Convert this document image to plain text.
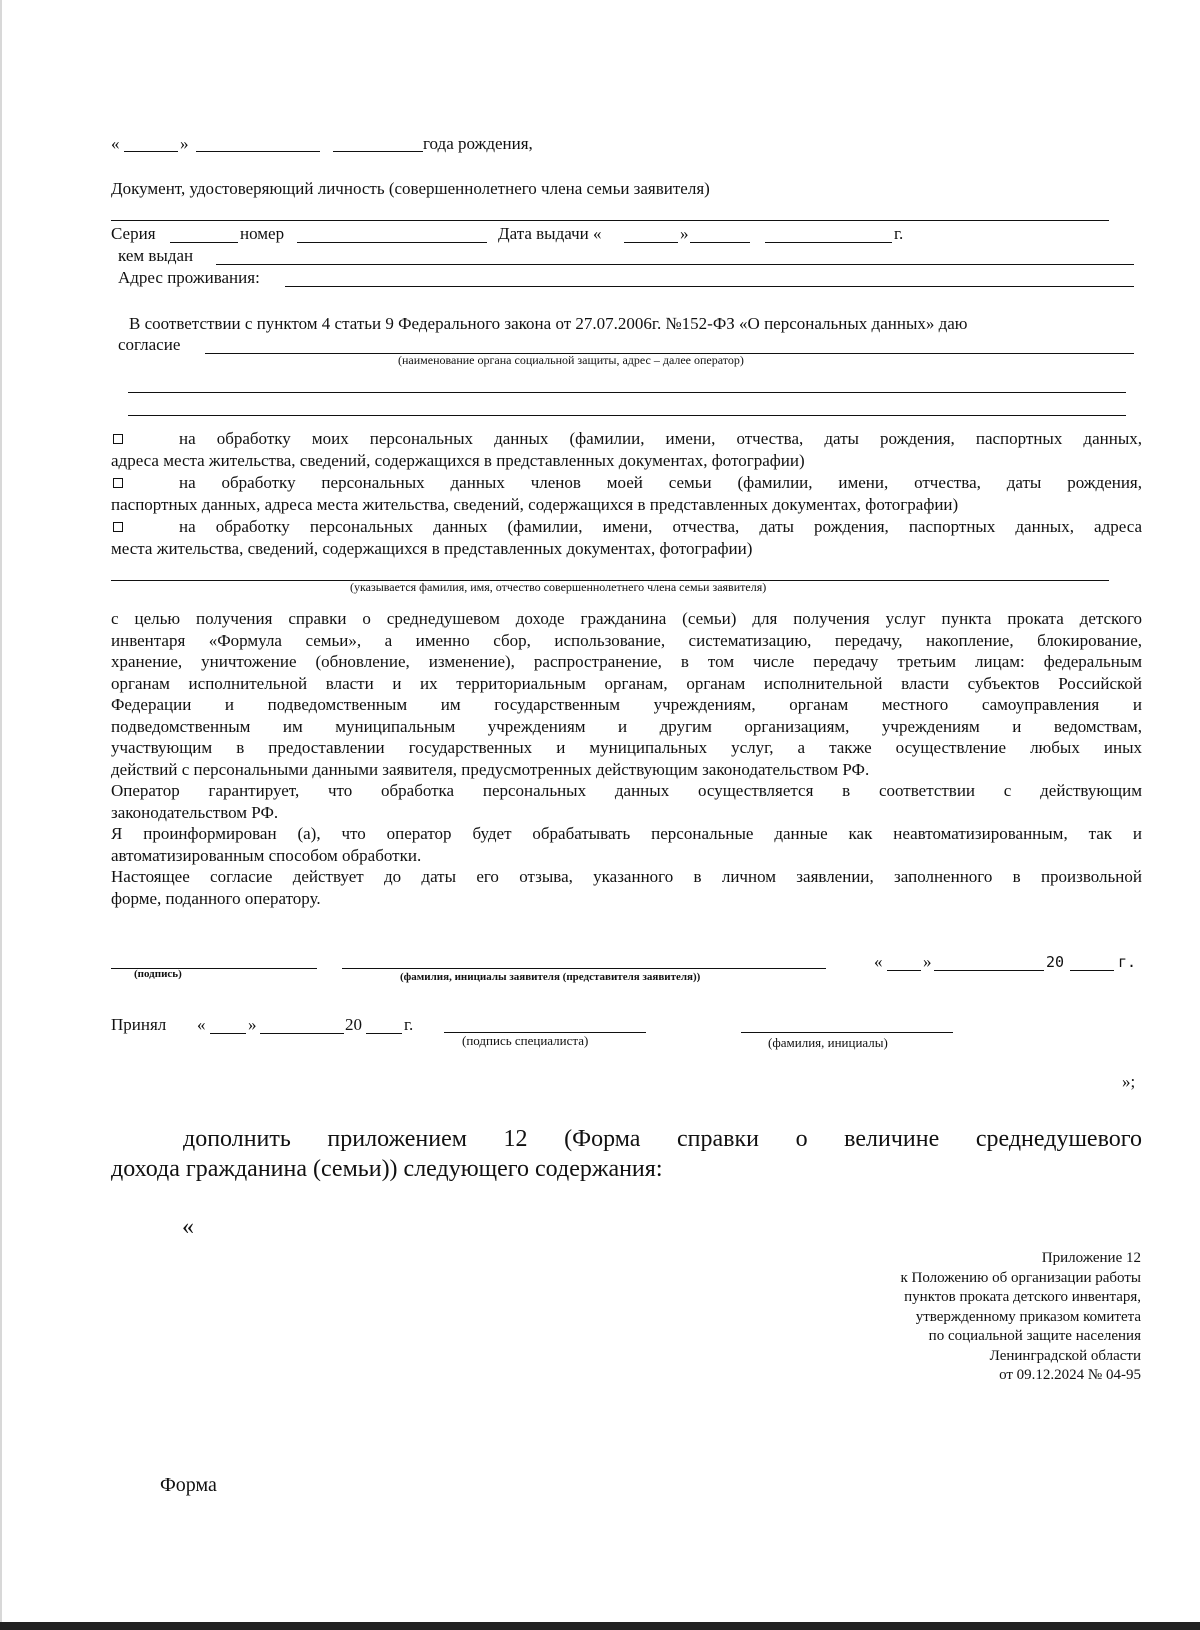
«	»	года рождения,
Документ, удостоверяющий личность (совершеннолетнего члена семьи заявителя)
Серия	номер	Дата выдачи «	»	г.
кем выдан
Адрес проживания:
В соответствии с пунктом 4 статьи 9 Федерального закона от 27.07.2006г. №152-ФЗ «О персональных данных» даю
согласие
(наименование органа социальной защиты, адрес – далее оператор)
на обработку моих персональных данных (фамилии, имени, отчества, даты рождения, паспортных данных,
адреса места жительства, сведений, содержащихся в представленных документах, фотографии)
на обработку персональных данных членов моей семьи (фамилии, имени, отчества, даты рождения,
паспортных данных, адреса места жительства, сведений, содержащихся в представленных документах, фотографии)
на обработку персональных данных (фамилии, имени, отчества, даты рождения, паспортных данных, адреса
места жительства, сведений, содержащихся в представленных документах, фотографии)
(указывается фамилия, имя, отчество совершеннолетнего члена семьи заявителя)
с целью получения справки о среднедушевом доходе гражданина (семьи) для получения услуг пункта проката детского
инвентаря «Формула семьи», а именно сбор, использование, систематизацию, передачу, накопление, блокирование,
хранение, уничтожение (обновление, изменение), распространение, в том числе передачу третьим лицам: федеральным
органам исполнительной власти и их территориальным органам, органам исполнительной власти субъектов Российской
Федерации и подведомственным им государственным учреждениям, органам местного самоуправления и
подведомственным им муниципальным учреждениям и другим организациям, учреждениям и ведомствам,
участвующим в предоставлении государственных и муниципальных услуг, а также осуществление любых иных
действий с персональными данными заявителя, предусмотренных действующим законодательством РФ.
Оператор гарантирует, что обработка персональных данных осуществляется в соответствии с действующим
законодательством РФ.
Я проинформирован (а), что оператор будет обрабатывать персональные данные как неавтоматизированным, так и
автоматизированным способом обработки.
Настоящее согласие действует до даты его отзыва, указанного в личном заявлении, заполненного в произвольной
форме, поданного оператору.
(подпись)	(фамилия, инициалы заявителя (представителя заявителя))
« »	20	г.
Принял «	»	20 г.
(подпись специалиста)	(фамилия, инициалы)
»;
дополнить приложением 12 (Форма справки о величине среднедушевого
дохода гражданина (семьи)) следующего содержания:
«
Приложение 12
к Положению об организации работы
пунктов проката детского инвентаря,
утвержденному приказом комитета
по социальной защите населения
Ленинградской области
от 09.12.2024 № 04-95
Форма
